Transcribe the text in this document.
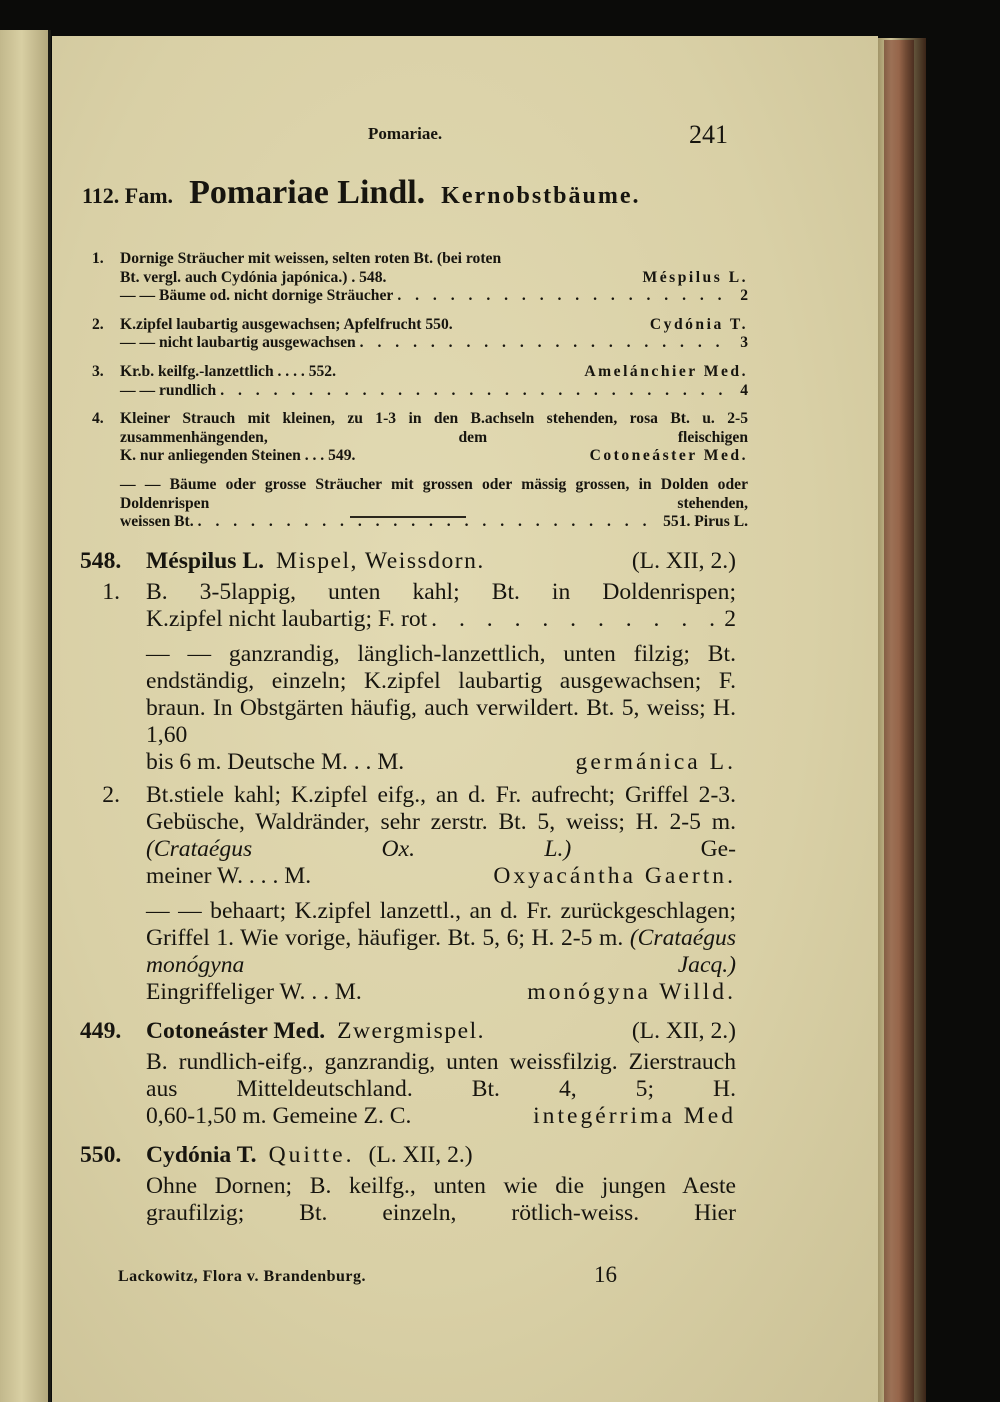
Pomariae.	241
112. Fam. Pomariae Lindl. Kernobstbäume.
1.	Dornige Sträucher mit weissen, selten roten Bt. (bei roten
Bt. vergl. auch Cydónia japónica.) . 548.	Méspilus L.
— — Bäume od. nicht dornige Sträucher . . .	2
2.	K.zipfel laubartig ausgewachsen; Apfelfrucht 550.	Cydónia T.
— — nicht laubartig ausgewachsen . . .	3
3.	Kr.b. keilfg.-lanzettlich . . . . 552.	Amelánchier Med.
— — rundlich . . .	4
4. Kleiner Strauch mit kleinen, zu 1-3 in den B.achseln stehenden, rosa Bt. u. 2-5 zusammenhängenden, dem fleischigen
K. nur anliegenden Steinen . . . 549.	Cotoneáster Med.
— — Bäume oder grosse Sträucher mit grossen oder mässig grossen, in Dolden oder Doldenrispen stehenden,
weissen Bt. . . .	551. Pirus L.
548.	Méspilus L. Mispel, Weissdorn.	(L. XII, 2.)
1.	B. 3-5lappig, unten kahl; Bt. in Doldenrispen;
K.zipfel nicht laubartig; F. rot . . .	2
— — ganzrandig, länglich-lanzettlich, unten filzig; Bt. endständig, einzeln; K.zipfel laubartig ausgewachsen; F. braun. In Obstgärten häufig, auch verwildert. Bt. 5, weiss; H. 1,60
bis 6 m. Deutsche M. . . M.	germánica L.
2.	Bt.stiele kahl; K.zipfel eifg., an d. Fr. aufrecht; Griffel 2-3. Gebüsche, Waldränder, sehr zerstr. Bt. 5, weiss; H. 2-5 m. (Crataégus Ox. L.)	Ge-
meiner W. . . . M.	Oxyacántha Gaertn.
— — behaart; K.zipfel lanzettl., an d. Fr. zurückgeschlagen; Griffel 1. Wie vorige, häufiger. Bt. 5, 6; H. 2-5 m. (Crataégus monógyna Jacq.)
Eingriffeliger W. . . M.	monógyna Willd.
449.	Cotoneáster Med. Zwergmispel.	(L. XII, 2.)
B. rundlich-eifg., ganzrandig, unten weissfilzig. Zierstrauch aus Mitteldeutschland. Bt. 4, 5; H.
0,60-1,50 m. Gemeine Z. C.	integérrima Med
550.	Cydónia T. Quitte. (L. XII, 2.)
Ohne Dornen; B. keilfg., unten wie die jungen Aeste graufilzig; Bt. einzeln, rötlich-weiss. Hier
Lackowitz, Flora v. Brandenburg.	16
